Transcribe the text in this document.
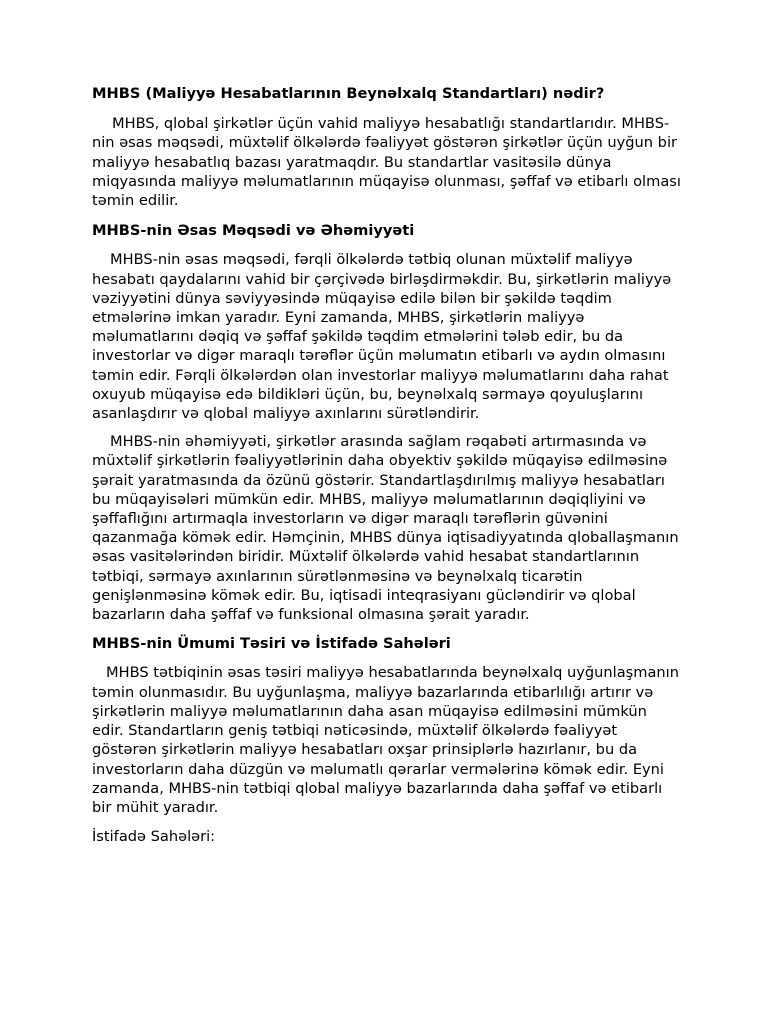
MHBS (Maliyyə Hesabatlarının Beynəlxalq Standartları) nədir?

MHBS, qlobal şirkətlər üçün vahid maliyyə hesabatlığı standartlarıdır. MHBS-nin əsas məqsədi, müxtəlif ölkələrdə fəaliyyət göstərən şirkətlər üçün uyğun bir maliyyə hesabatlıq bazası yaratmaqdır. Bu standartlar vasitəsilə dünya miqyasında maliyyə məlumatlarının müqayisə olunması, şəffaf və etibarlı olması təmin edilir.

MHBS-nin Əsas Məqsədi və Əhəmiyyəti

MHBS-nin əsas məqsədi, fərqli ölkələrdə tətbiq olunan müxtəlif maliyyə hesabatı qaydalarını vahid bir çərçivədə birləşdirməkdir. Bu, şirkətlərin maliyyə vəziyyətini dünya səviyyəsində müqayisə edilə bilən bir şəkildə təqdim etmələrinə imkan yaradır. Eyni zamanda, MHBS, şirkətlərin maliyyə məlumatlarını dəqiq və şəffaf şəkildə təqdim etmələrini tələb edir, bu da investorlar və digər maraqlı tərəflər üçün məlumatın etibarlı və aydın olmasını təmin edir. Fərqli ölkələrdən olan investorlar maliyyə məlumatlarını daha rahat oxuyub müqayisə edə bildikləri üçün, bu, beynəlxalq sərmayə qoyuluşlarını asanlaşdırır və qlobal maliyyə axınlarını sürətləndirir.

MHBS-nin əhəmiyyəti, şirkətlər arasında sağlam rəqabəti artırmasında və müxtəlif şirkətlərin fəaliyyətlərinin daha obyektiv şəkildə müqayisə edilməsinə şərait yaratmasında da özünü göstərir. Standartlaşdırılmış maliyyə hesabatları bu müqayisələri mümkün edir. MHBS, maliyyə məlumatlarının dəqiqliyini və şəffaflığını artırmaqla investorların və digər maraqlı tərəflərin güvənini qazanmağa kömək edir. Həmçinin, MHBS dünya iqtisadiyyatında qloballaşmanın əsas vasitələrindən biridir. Müxtəlif ölkələrdə vahid hesabat standartlarının tətbiqi, sərmayə axınlarının sürətlənməsinə və beynəlxalq ticarətin genişlənməsinə kömək edir. Bu, iqtisadi inteqrasiyanı gücləndirir və qlobal bazarların daha şəffaf və funksional olmasına şərait yaradır.

MHBS-nin Ümumi Təsiri və İstifadə Sahələri

MHBS tətbiqinin əsas təsiri maliyyə hesabatlarında beynəlxalq uyğunlaşmanın təmin olunmasıdır. Bu uyğunlaşma, maliyyə bazarlarında etibarlılığı artırır və şirkətlərin maliyyə məlumatlarının daha asan müqayisə edilməsini mümkün edir. Standartların geniş tətbiqi nəticəsində, müxtəlif ölkələrdə fəaliyyət göstərən şirkətlərin maliyyə hesabatları oxşar prinsiplərlə hazırlanır, bu da investorların daha düzgün və məlumatlı qərarlar vermələrinə kömək edir. Eyni zamanda, MHBS-nin tətbiqi qlobal maliyyə bazarlarında daha şəffaf və etibarlı bir mühit yaradır.

İstifadə Sahələri:
